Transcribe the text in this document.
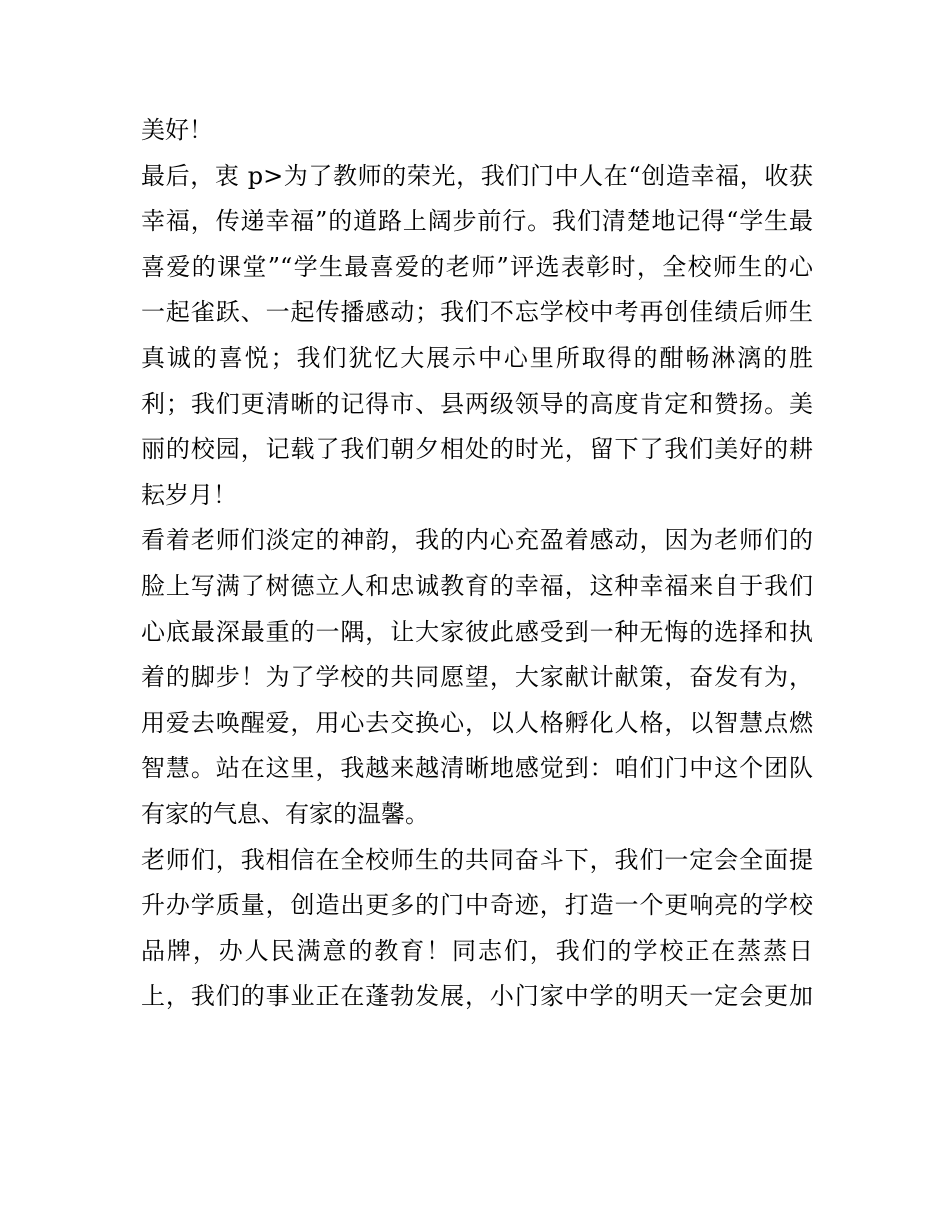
美好！
最后，衷 p>为了教师的荣光，我们门中人在“创造幸福，收获
幸福，传递幸福”的道路上阔步前行。我们清楚地记得“学生最
喜爱的课堂”“学生最喜爱的老师”评选表彰时，全校师生的心
一起雀跃、一起传播感动；我们不忘学校中考再创佳绩后师生
真诚的喜悦；我们犹忆大展示中心里所取得的酣畅淋漓的胜
利；我们更清晰的记得市、县两级领导的高度肯定和赞扬。美
丽的校园，记载了我们朝夕相处的时光，留下了我们美好的耕
耘岁月！
看着老师们淡定的神韵，我的内心充盈着感动，因为老师们的
脸上写满了树德立人和忠诚教育的幸福，这种幸福来自于我们
心底最深最重的一隅，让大家彼此感受到一种无悔的选择和执
着的脚步！为了学校的共同愿望，大家献计献策，奋发有为，
用爱去唤醒爱，用心去交换心，以人格孵化人格，以智慧点燃
智慧。站在这里，我越来越清晰地感觉到：咱们门中这个团队
有家的气息、有家的温馨。
老师们，我相信在全校师生的共同奋斗下，我们一定会全面提
升办学质量，创造出更多的门中奇迹，打造一个更响亮的学校
品牌，办人民满意的教育！同志们，我们的学校正在蒸蒸日
上，我们的事业正在蓬勃发展，小门家中学的明天一定会更加
